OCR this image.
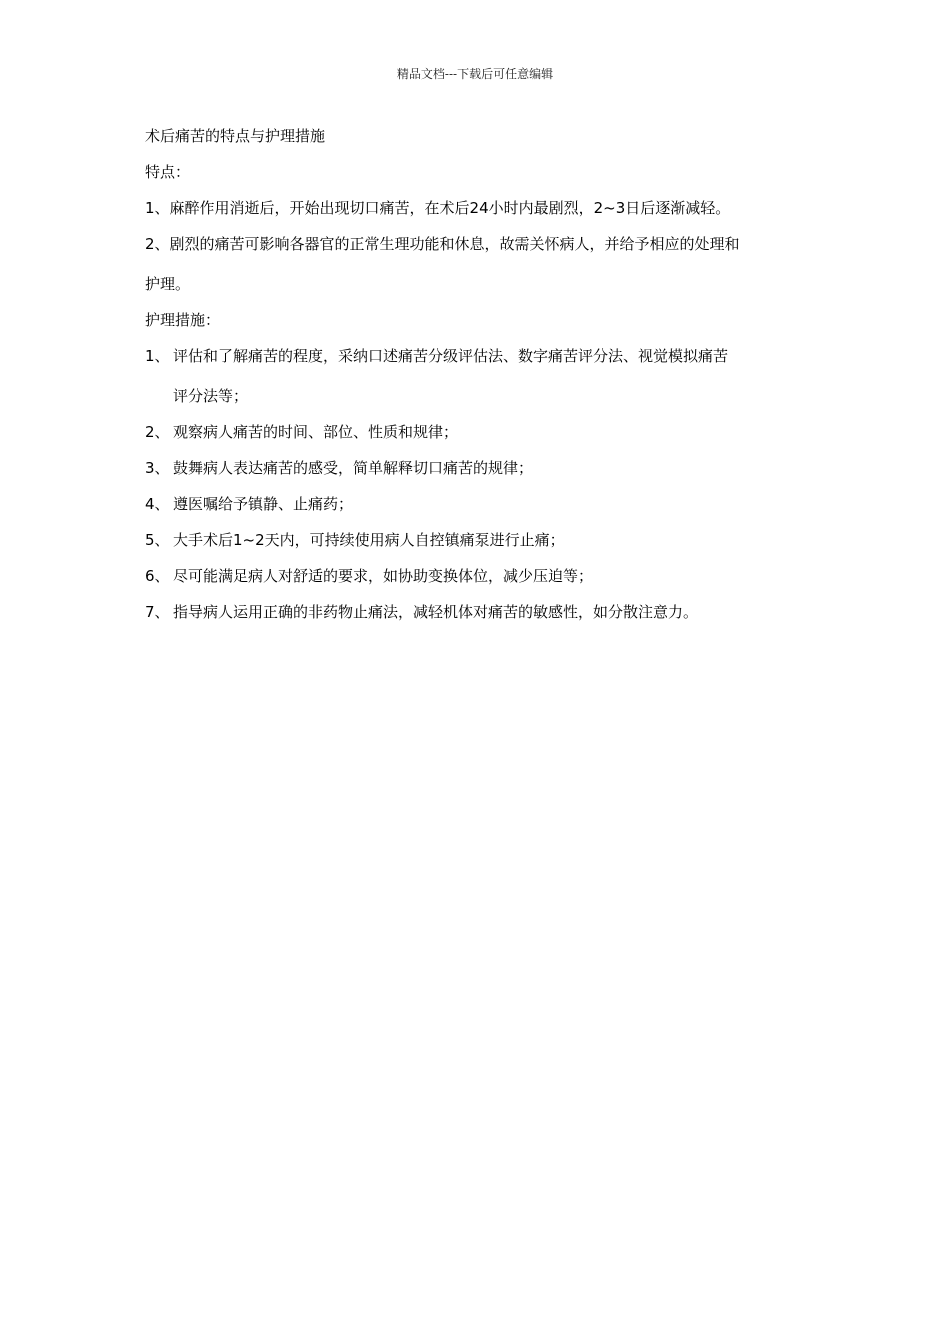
精品文档---下载后可任意编辑
术后痛苦的特点与护理措施
特点：
1、麻醉作用消逝后，开始出现切口痛苦，在术后24小时内最剧烈，2~3日后逐渐减轻。
2、剧烈的痛苦可影响各器官的正常生理功能和休息，故需关怀病人，并给予相应的处理和
护理。
护理措施：
1、 评估和了解痛苦的程度，采纳口述痛苦分级评估法、数字痛苦评分法、视觉模拟痛苦
评分法等；
2、 观察病人痛苦的时间、部位、性质和规律；
3、 鼓舞病人表达痛苦的感受，简单解释切口痛苦的规律；
4、 遵医嘱给予镇静、止痛药；
5、 大手术后1~2天内，可持续使用病人自控镇痛泵进行止痛；
6、 尽可能满足病人对舒适的要求，如协助变换体位，减少压迫等；
7、 指导病人运用正确的非药物止痛法，减轻机体对痛苦的敏感性，如分散注意力。
